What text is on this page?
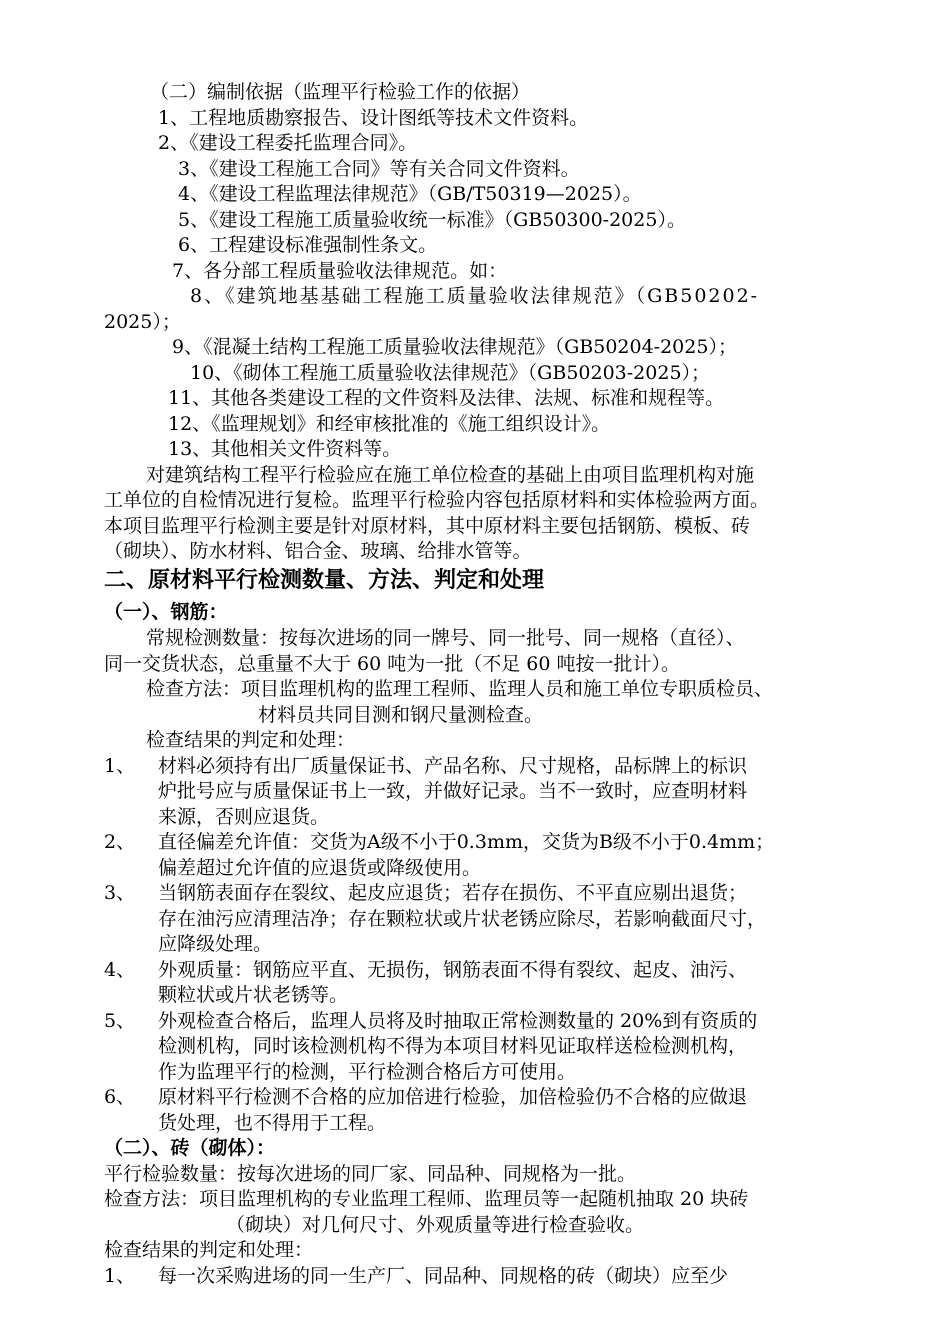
（二）编制依据（监理平行检验工作的依据）
1、工程地质勘察报告、设计图纸等技术文件资料。
2、《建设工程委托监理合同》。
3、《建设工程施工合同》等有关合同文件资料。
4、《建设工程监理法律规范》（GB/T50319—2025）。
5、《建设工程施工质量验收统一标准》（GB50300-2025）。
6、工程建设标准强制性条文。
7、各分部工程质量验收法律规范。如：
8、《建筑地基基础工程施工质量验收法律规范》（GB50202-
2025）；
9、《混凝土结构工程施工质量验收法律规范》（GB50204-2025）；
10、《砌体工程施工质量验收法律规范》（GB50203-2025）；
11、其他各类建设工程的文件资料及法律、法规、标准和规程等。
12、《监理规划》和经审核批准的《施工组织设计》。
13、其他相关文件资料等。
对建筑结构工程平行检验应在施工单位检查的基础上由项目监理机构对施
工单位的自检情况进行复检。监理平行检验内容包括原材料和实体检验两方面。
本项目监理平行检测主要是针对原材料，其中原材料主要包括钢筋、模板、砖
（砌块）、防水材料、铝合金、玻璃、给排水管等。
二、原材料平行检测数量、方法、判定和处理
（一）、钢筋：
常规检测数量：按每次进场的同一牌号、同一批号、同一规格（直径）、
同一交货状态，总重量不大于 60 吨为一批（不足 60 吨按一批计）。
检查方法：项目监理机构的监理工程师、监理人员和施工单位专职质检员、
材料员共同目测和钢尺量测检查。
检查结果的判定和处理：
1、 材料必须持有出厂质量保证书、产品名称、尺寸规格，品标牌上的标识
炉批号应与质量保证书上一致，并做好记录。当不一致时，应查明材料
来源，否则应退货。
2、 直径偏差允许值：交货为A级不小于0.3mm，交货为B级不小于0.4mm；
偏差超过允许值的应退货或降级使用。
3、 当钢筋表面存在裂纹、起皮应退货；若存在损伤、不平直应剔出退货；
存在油污应清理洁净；存在颗粒状或片状老锈应除尽，若影响截面尺寸，
应降级处理。
4、 外观质量：钢筋应平直、无损伤，钢筋表面不得有裂纹、起皮、油污、
颗粒状或片状老锈等。
5、 外观检查合格后，监理人员将及时抽取正常检测数量的 20%到有资质的
检测机构，同时该检测机构不得为本项目材料见证取样送检检测机构，
作为监理平行的检测，平行检测合格后方可使用。
6、 原材料平行检测不合格的应加倍进行检验，加倍检验仍不合格的应做退
货处理，也不得用于工程。
（二）、砖（砌体）：
平行检验数量：按每次进场的同厂家、同品种、同规格为一批。
检查方法：项目监理机构的专业监理工程师、监理员等一起随机抽取 20 块砖
（砌块）对几何尺寸、外观质量等进行检查验收。
检查结果的判定和处理：
1、 每一次采购进场的同一生产厂、同品种、同规格的砖（砌块）应至少
